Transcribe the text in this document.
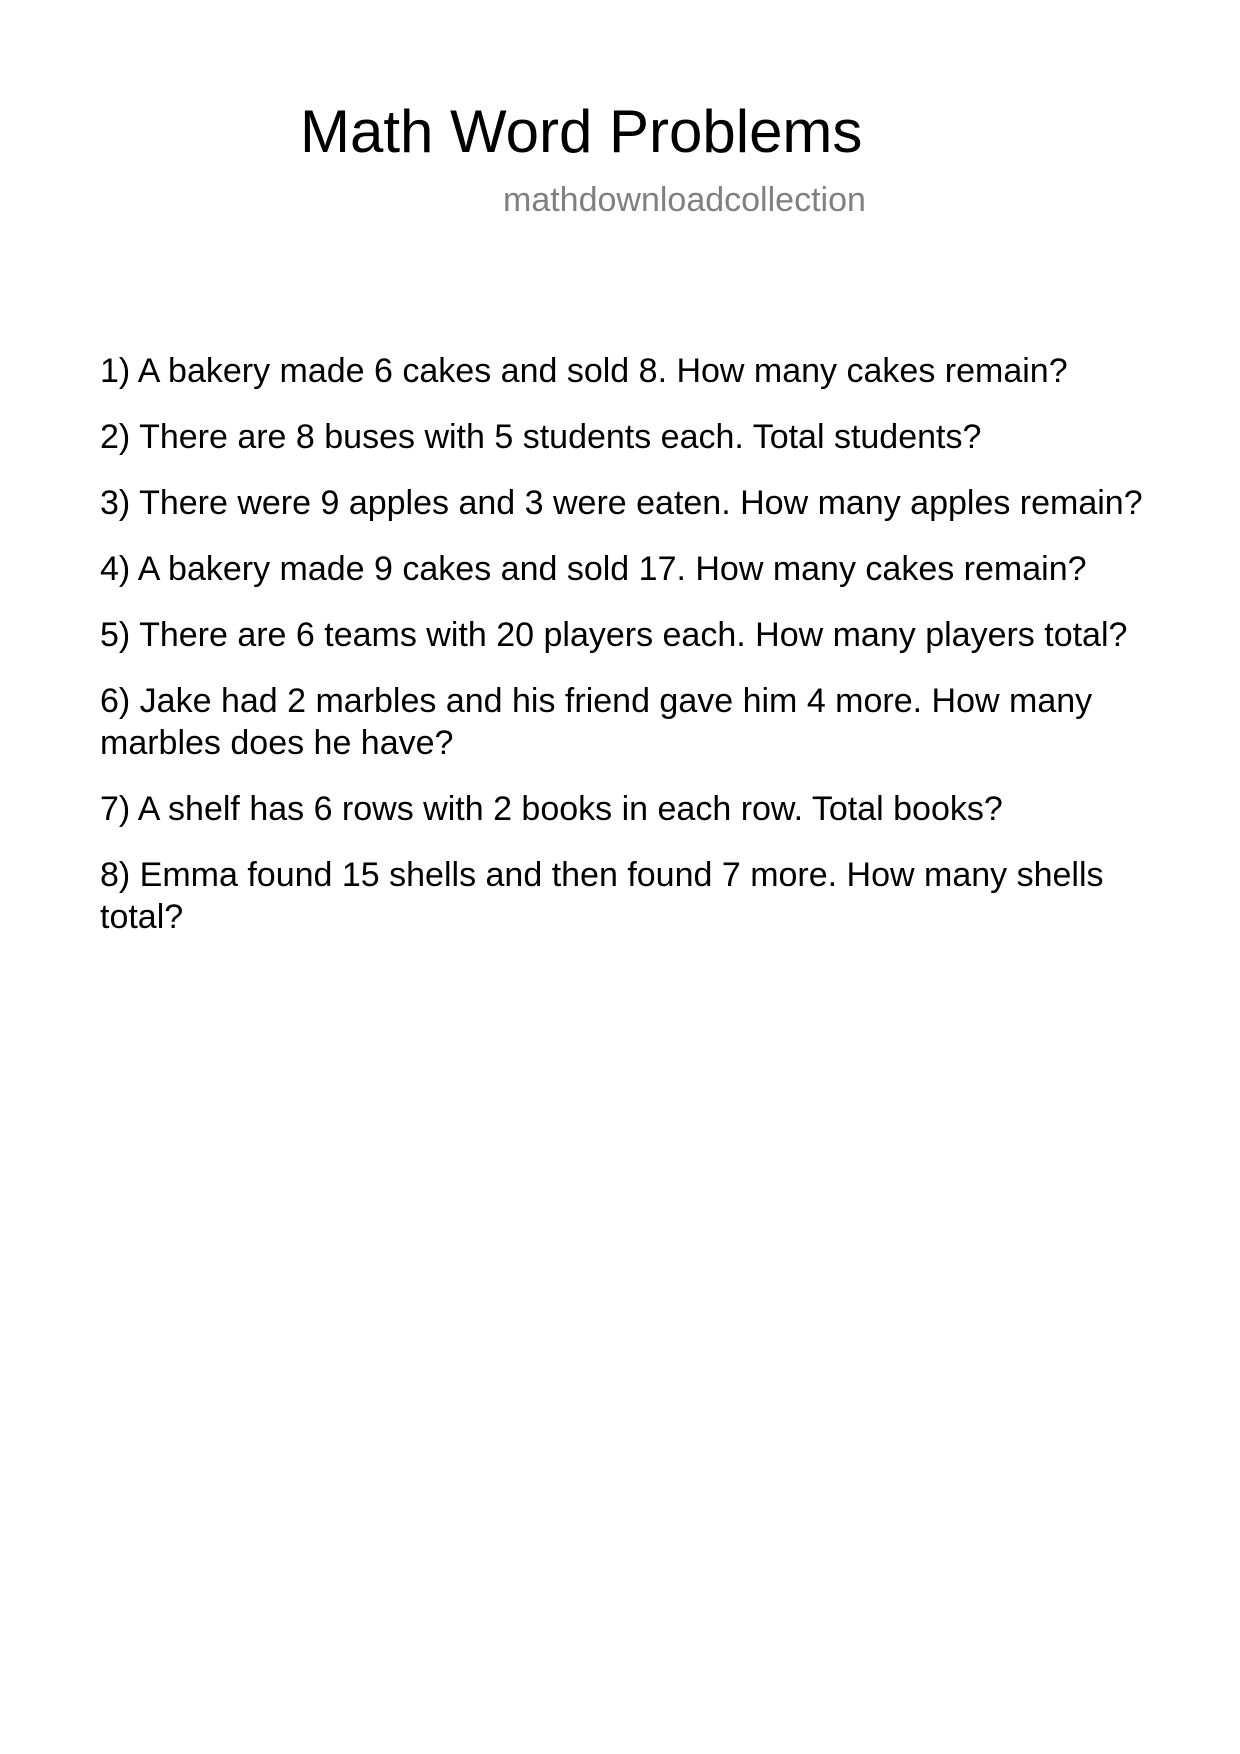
Math Word Problems
mathdownloadcollection
1) A bakery made 6 cakes and sold 8. How many cakes remain?
2) There are 8 buses with 5 students each. Total students?
3) There were 9 apples and 3 were eaten. How many apples remain?
4) A bakery made 9 cakes and sold 17. How many cakes remain?
5) There are 6 teams with 20 players each. How many players total?
6) Jake had 2 marbles and his friend gave him 4 more. How many marbles does he have?
7) A shelf has 6 rows with 2 books in each row. Total books?
8) Emma found 15 shells and then found 7 more. How many shells total?
